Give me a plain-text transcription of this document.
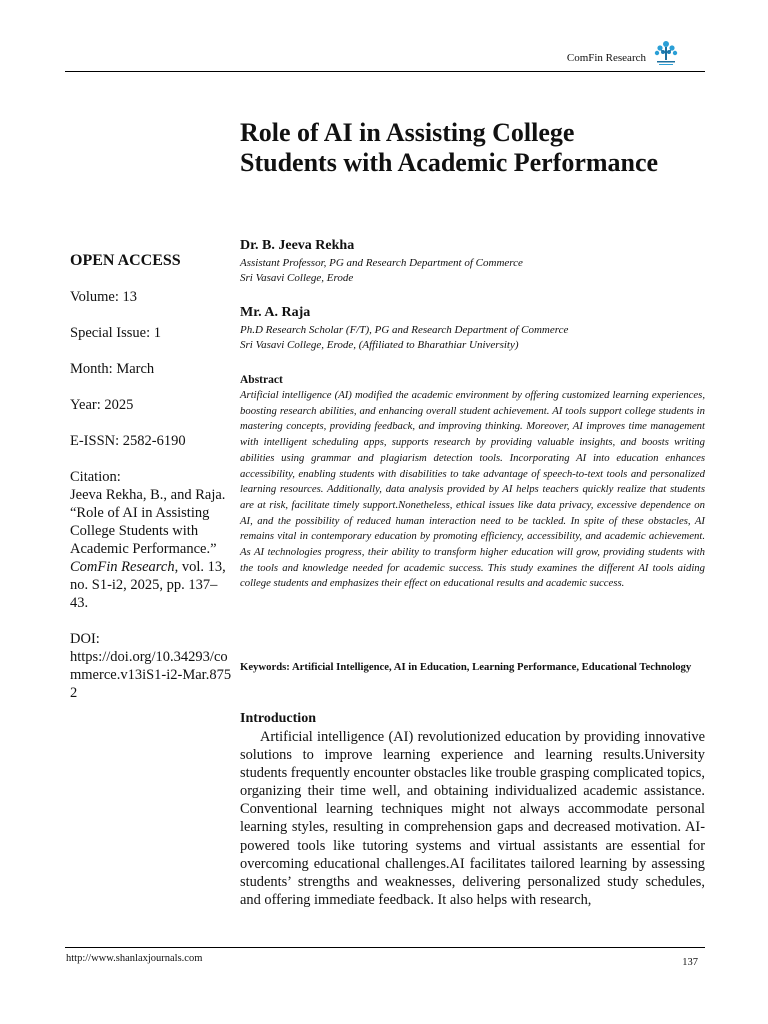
ComFin Research
Role of AI in Assisting College Students with Academic Performance

OPEN ACCESS

Volume: 13

Special Issue: 1

Month: March

Year: 2025

E-ISSN: 2582-6190

Citation:
Jeeva Rekha, B., and Raja. “Role of AI in Assisting College Students with Academic Performance.” ComFin Research, vol. 13, no. S1-i2, 2025, pp. 137–43.
DOI:
https://doi.org/10.34293/commerce.v13iS1-i2-Mar.8752

Dr. B. Jeeva Rekha

Assistant Professor, PG and Research Department of Commerce

Sri Vasavi College, Erode

Mr. A. Raja

Ph.D Research Scholar (F/T), PG and Research Department of Commerce

Sri Vasavi College, Erode, (Affiliated to Bharathiar University)

Abstract

Artificial intelligence (AI) modified the academic environment by offering customized learning experiences, boosting research abilities, and enhancing overall student achievement. AI tools support college students in mastering concepts, providing feedback, and improving thinking. Moreover, AI improves time management with intelligent scheduling apps, supports research by providing valuable insights, and boosts writing abilities using grammar and plagiarism detection tools. Incorporating AI into education enhances accessibility, enabling students with disabilities to take advantage of speech-to-text tools and personalized learning resources. Additionally, data analysis provided by AI helps teachers quickly realize that students are at risk, facilitate timely support.Nonetheless, ethical issues like data privacy, excessive dependence on AI, and the possibility of reduced human interaction need to be tackled. In spite of these obstacles, AI remains vital in contemporary education by promoting efficiency, accessibility, and academic achievement. As AI technologies progress, their ability to transform higher education will grow, providing students with the tools and knowledge needed for academic success. This study examines the different AI tools aiding college students and emphasizes their effect on educational results and academic success.

Keywords: Artificial Intelligence, AI in Education, Learning Performance, Educational Technology

Introduction

Artificial intelligence (AI) revolutionized education by providing innovative solutions to improve learning experience and learning results.University students frequently encounter obstacles like trouble grasping complicated topics, organizing their time well, and obtaining individualized academic assistance. Conventional learning techniques might not always accommodate personal learning styles, resulting in comprehension gaps and decreased motivation. AI-powered tools like tutoring systems and virtual assistants are essential for overcoming educational challenges.AI facilitates tailored learning by assessing students’ strengths and weaknesses, delivering personalized study schedules, and offering immediate feedback. It also helps with research,

http://www.shanlaxjournals.com	137
